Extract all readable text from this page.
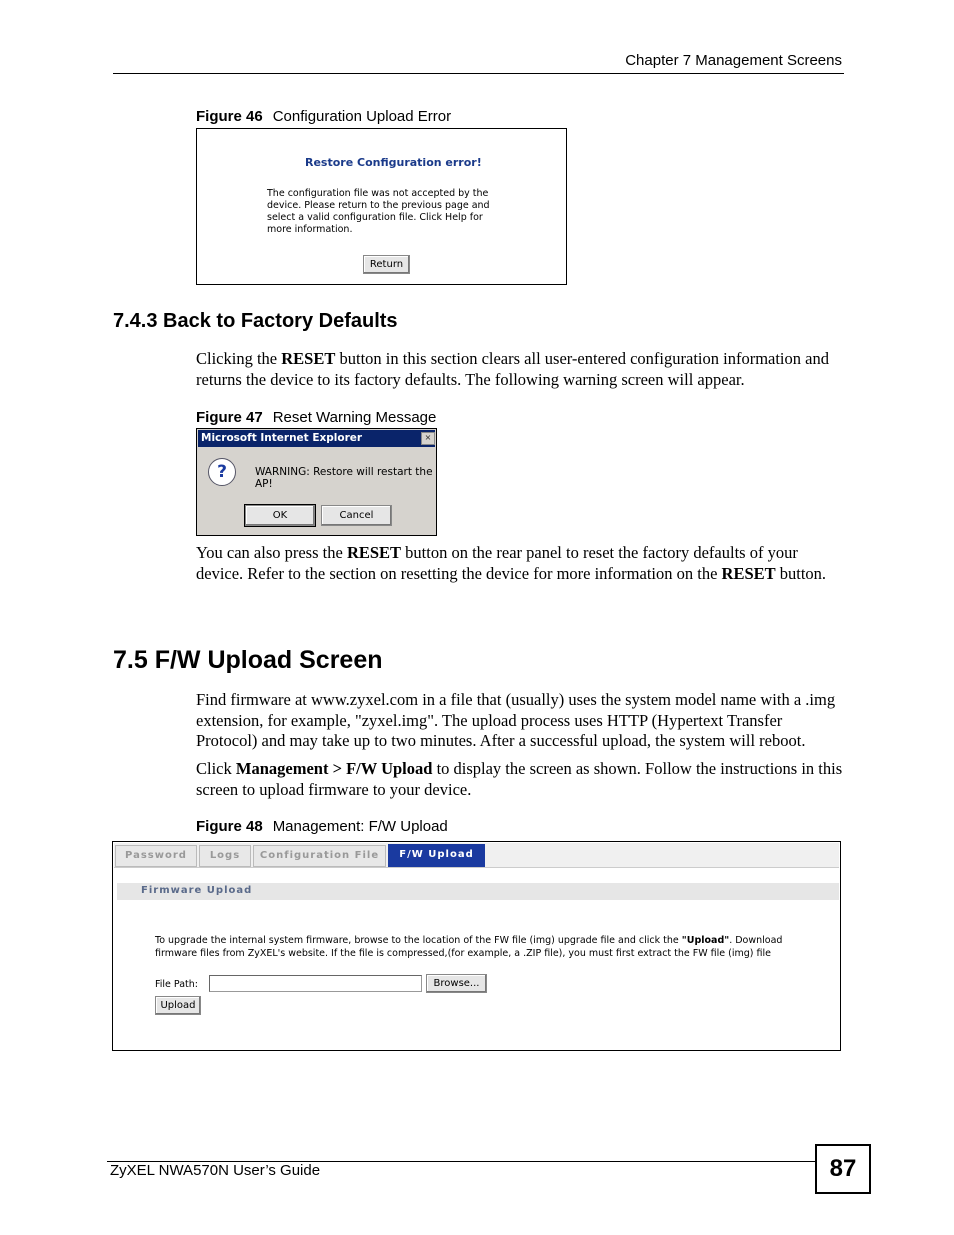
Chapter 7 Management Screens
Figure 46 Configuration Upload Error
Restore Configuration error!
The configuration file was not accepted by the device. Please return to the previous page and select a valid configuration file. Click Help for more information.
Return
7.4.3 Back to Factory Defaults
Clicking the RESET button in this section clears all user-entered configuration information and returns the device to its factory defaults. The following warning screen will appear.
Figure 47 Reset Warning Message
Microsoft Internet Explorer	×
?	WARNING: Restore will restart the AP!
OK	Cancel
You can also press the RESET button on the rear panel to reset the factory defaults of your device. Refer to the section on resetting the device for more information on the RESET button.
7.5 F/W Upload Screen
Find firmware at www.zyxel.com in a file that (usually) uses the system model name with a .img extension, for example, "zyxel.img". The upload process uses HTTP (Hypertext Transfer Protocol) and may take up to two minutes. After a successful upload, the system will reboot.
Click Management > F/W Upload to display the screen as shown. Follow the instructions in this screen to upload firmware to your device.
Figure 48 Management: F/W Upload
Password	Logs	Configuration File	F/W Upload
Firmware Upload
To upgrade the internal system firmware, browse to the location of the FW file (img) upgrade file and click the "Upload". Download firmware files from ZyXEL's website. If the file is compressed,(for example, a .ZIP file), you must first extract the FW file (img) file
File Path:	Browse...
Upload
ZyXEL NWA570N User’s Guide	87
